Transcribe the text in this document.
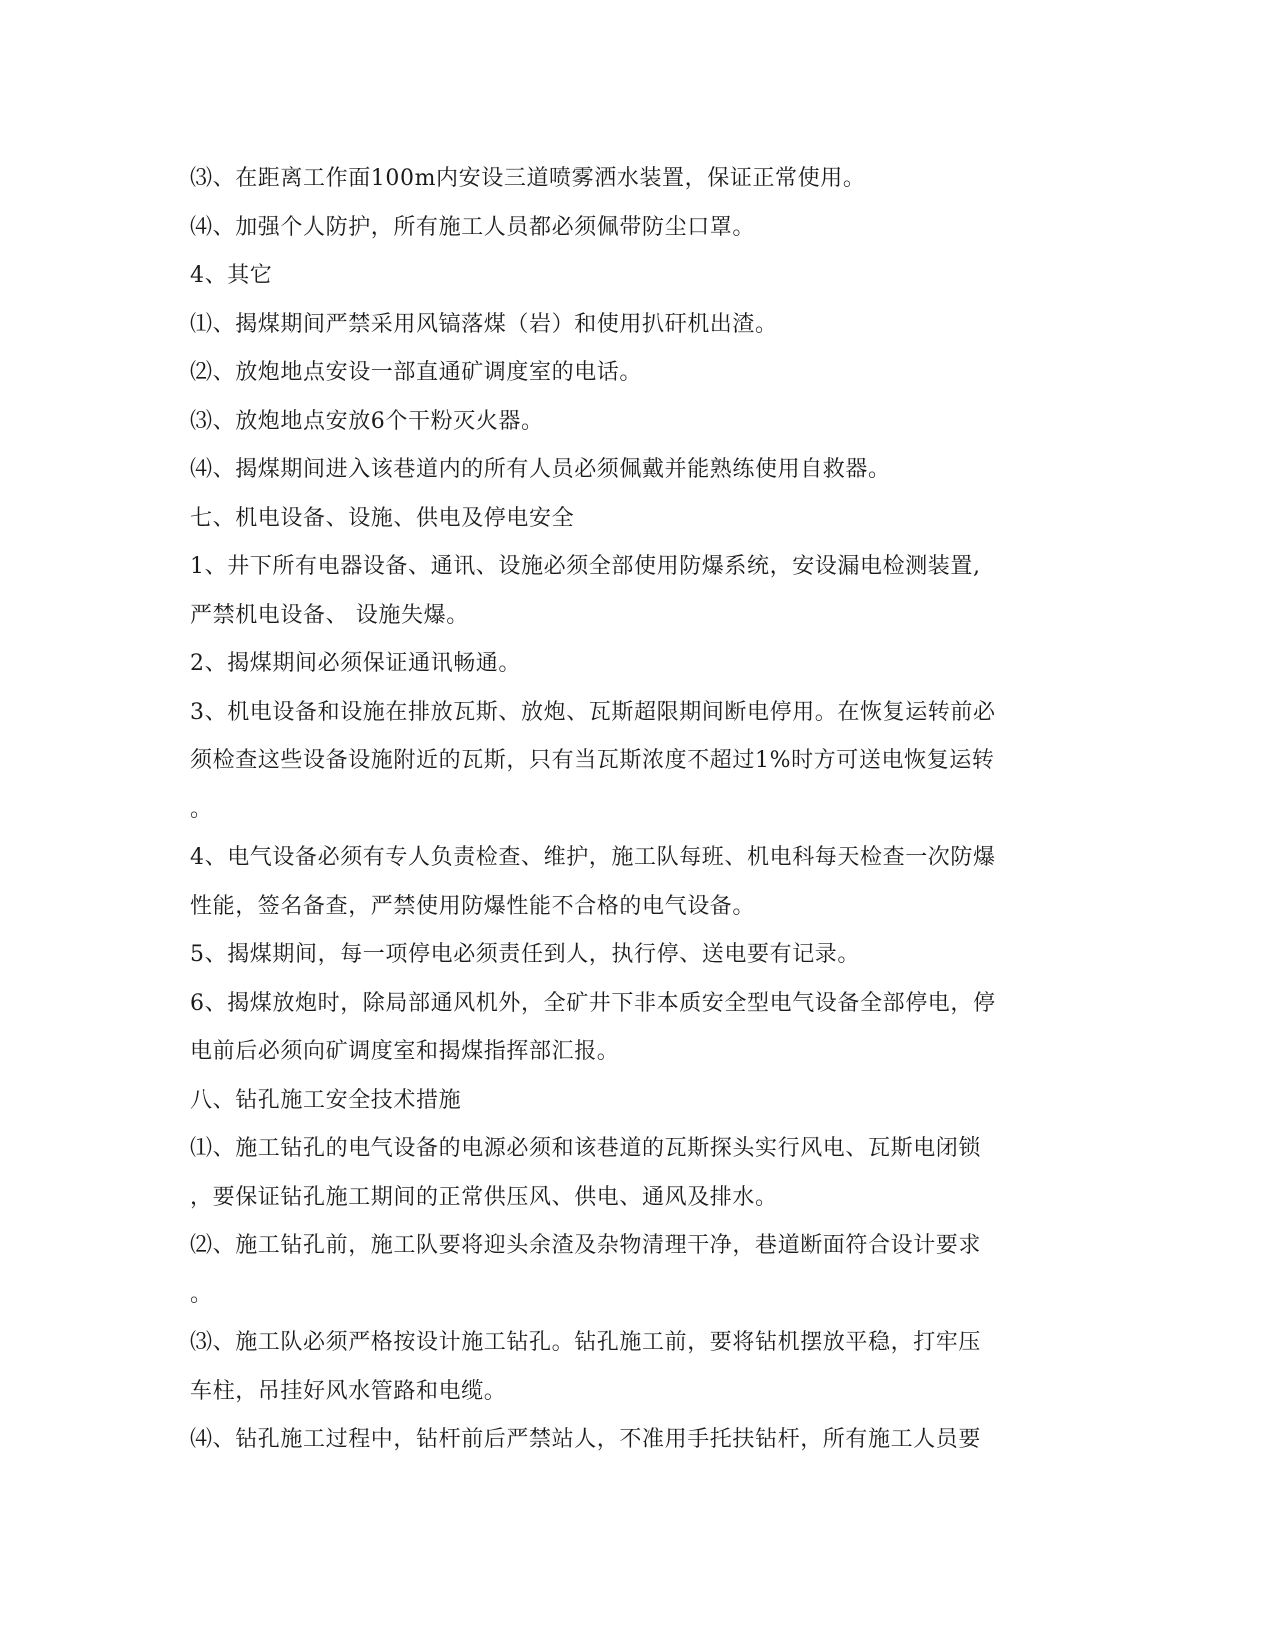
⑶、在距离工作面100m内安设三道喷雾洒水装置，保证正常使用。
⑷、加强个人防护，所有施工人员都必须佩带防尘口罩。
4、其它
⑴、揭煤期间严禁采用风镐落煤（岩）和使用扒矸机出渣。
⑵、放炮地点安设一部直通矿调度室的电话。
⑶、放炮地点安放6个干粉灭火器。
⑷、揭煤期间进入该巷道内的所有人员必须佩戴并能熟练使用自救器。
七、机电设备、设施、供电及停电安全
1、井下所有电器设备、通讯、设施必须全部使用防爆系统，安设漏电检测装置,
严禁机电设备、 设施失爆。
2、揭煤期间必须保证通讯畅通。
3、机电设备和设施在排放瓦斯、放炮、瓦斯超限期间断电停用。在恢复运转前必
须检查这些设备设施附近的瓦斯，只有当瓦斯浓度不超过1%时方可送电恢复运转
。
4、电气设备必须有专人负责检查、维护，施工队每班、机电科每天检查一次防爆
性能，签名备查，严禁使用防爆性能不合格的电气设备。
5、揭煤期间，每一项停电必须责任到人，执行停、送电要有记录。
6、揭煤放炮时，除局部通风机外，全矿井下非本质安全型电气设备全部停电，停
电前后必须向矿调度室和揭煤指挥部汇报。
八、钻孔施工安全技术措施
⑴、施工钻孔的电气设备的电源必须和该巷道的瓦斯探头实行风电、瓦斯电闭锁
，要保证钻孔施工期间的正常供压风、供电、通风及排水。
⑵、施工钻孔前，施工队要将迎头余渣及杂物清理干净，巷道断面符合设计要求
。
⑶、施工队必须严格按设计施工钻孔。钻孔施工前，要将钻机摆放平稳，打牢压
车柱，吊挂好风水管路和电缆。
⑷、钻孔施工过程中，钻杆前后严禁站人，不准用手托扶钻杆，所有施工人员要
